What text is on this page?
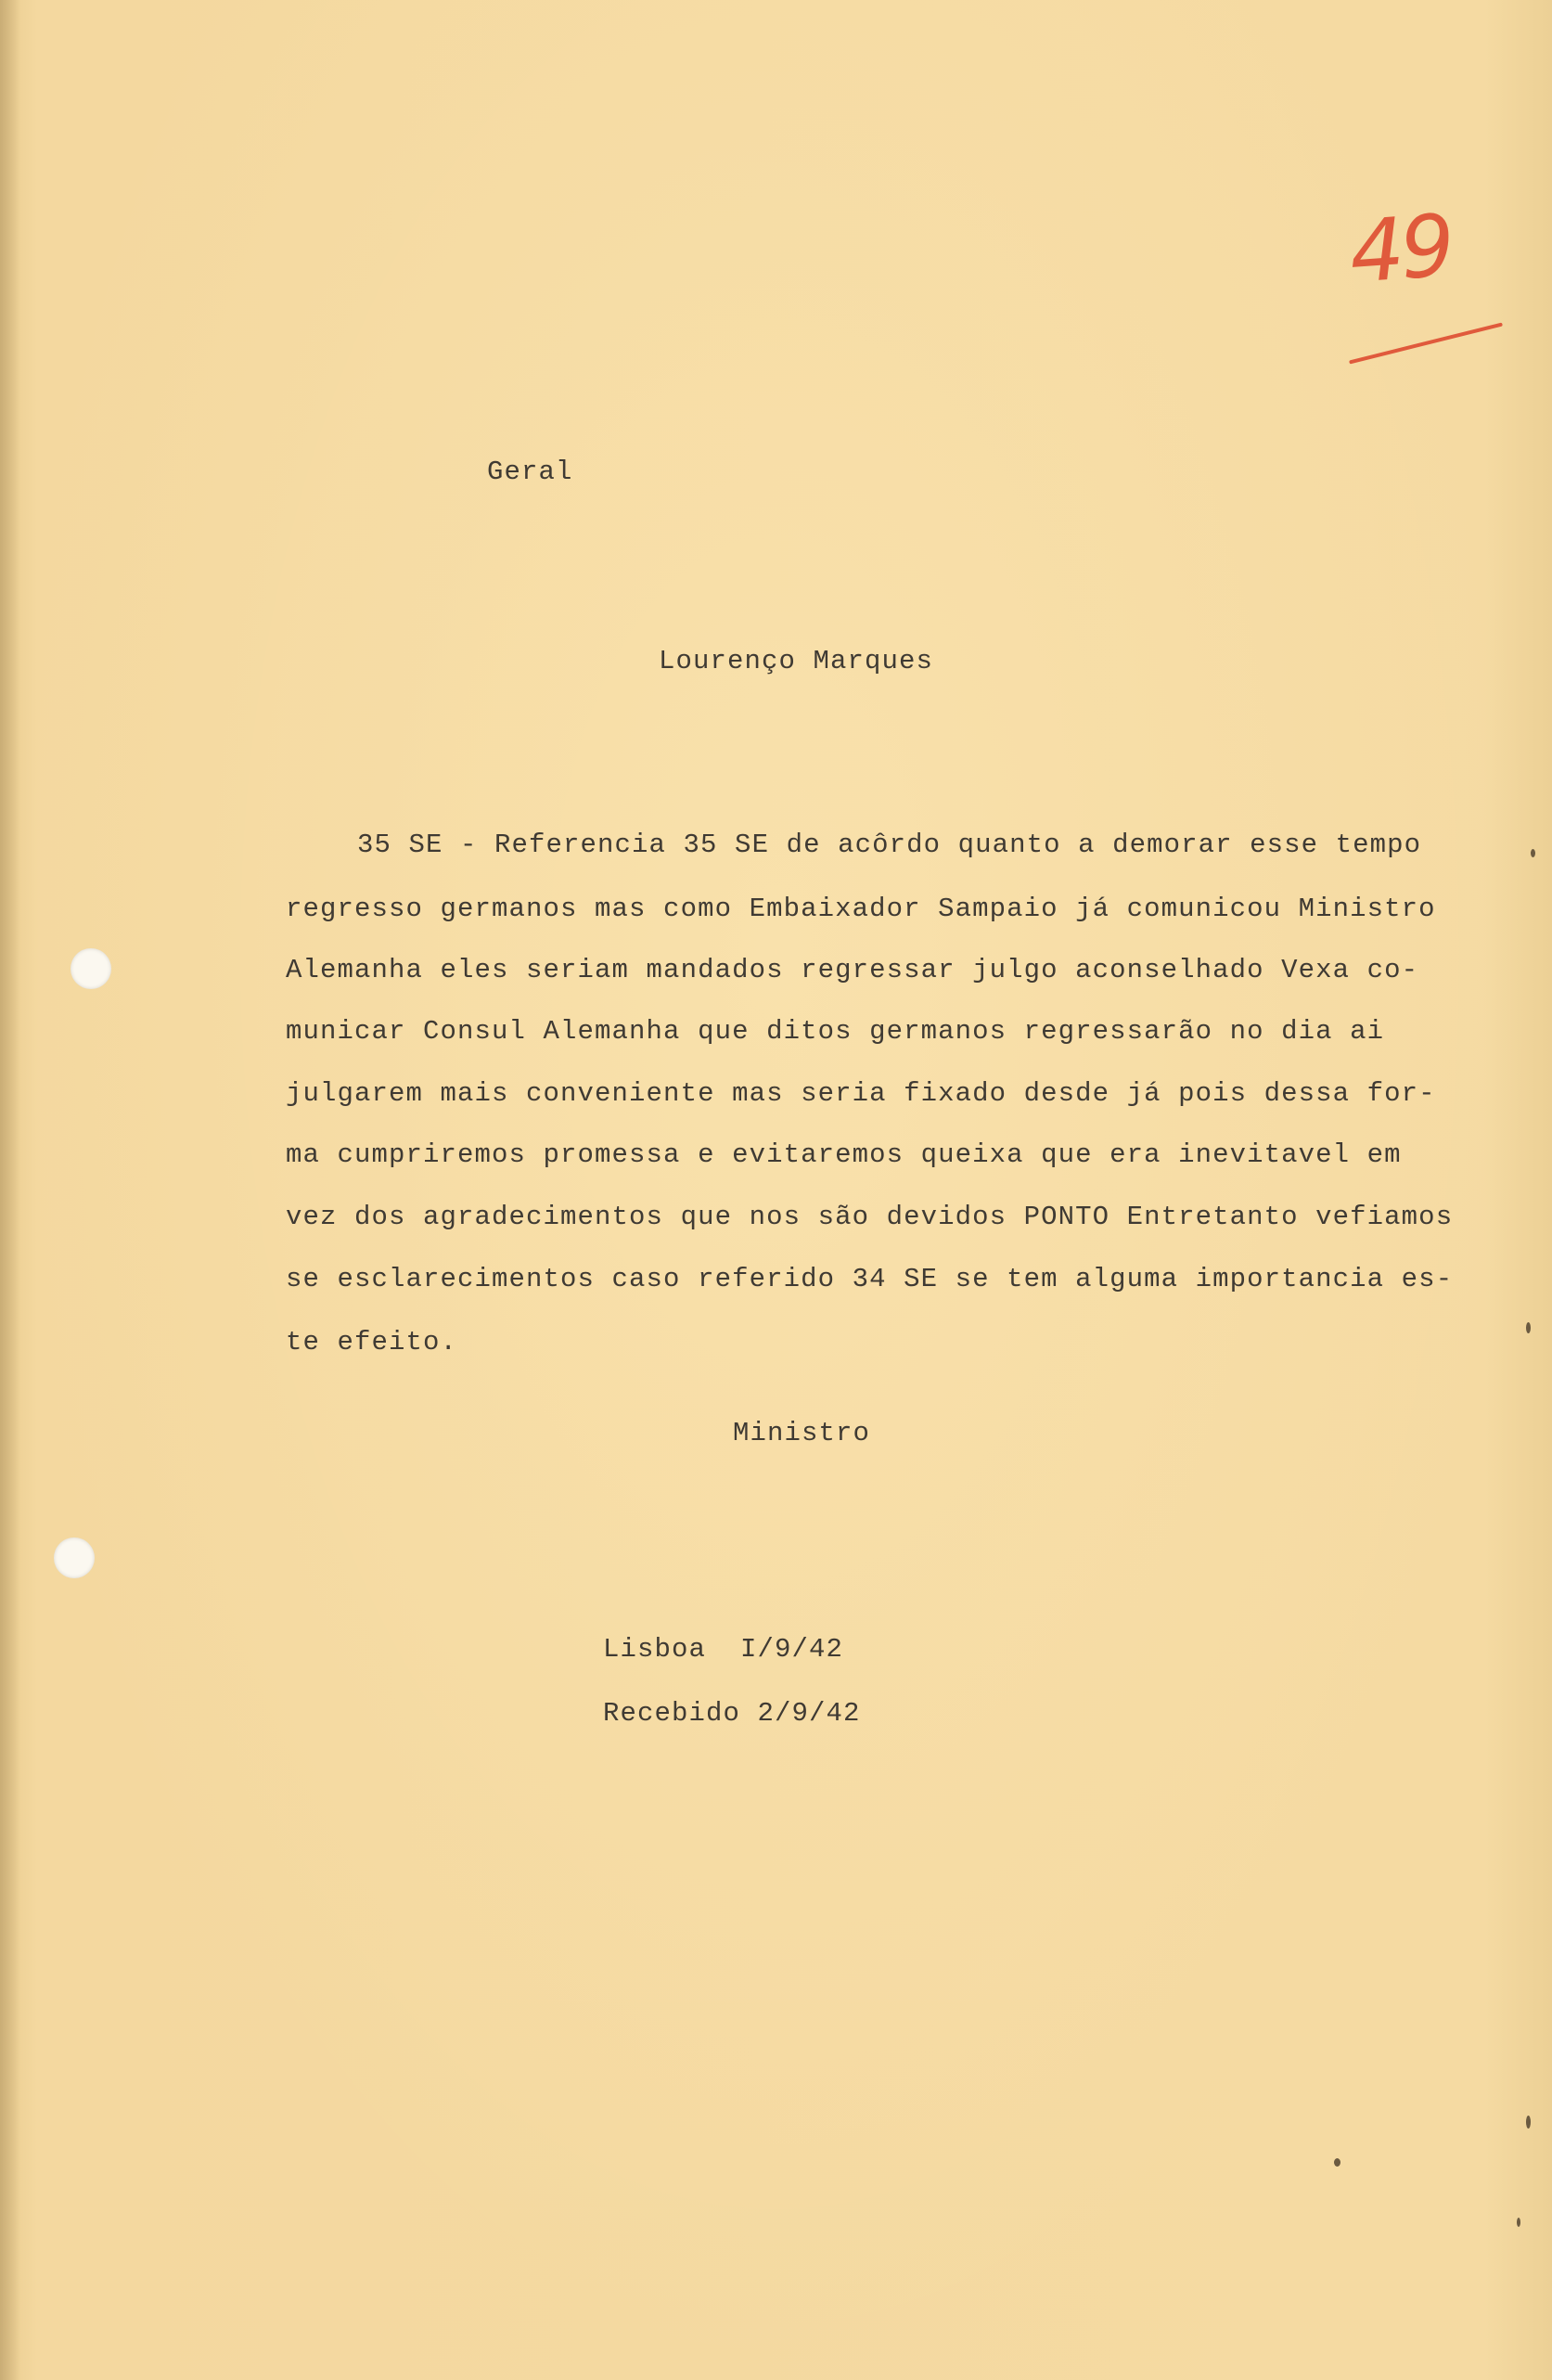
49
Geral
Lourenço Marques
35 SE - Referencia 35 SE de acôrdo quanto a demorar esse tempo
regresso germanos mas como Embaixador Sampaio já comunicou Ministro
Alemanha eles seriam mandados regressar julgo aconselhado Vexa co-
municar Consul Alemanha que ditos germanos regressarão no dia ai
julgarem mais conveniente mas seria fixado desde já pois dessa for-
ma cumpriremos promessa e evitaremos queixa que era inevitavel em
vez dos agradecimentos que nos são devidos PONTO Entretanto vefiamos
se esclarecimentos caso referido 34 SE se tem alguma importancia es-
te efeito.
Ministro
Lisboa  I/9/42
Recebido 2/9/42
